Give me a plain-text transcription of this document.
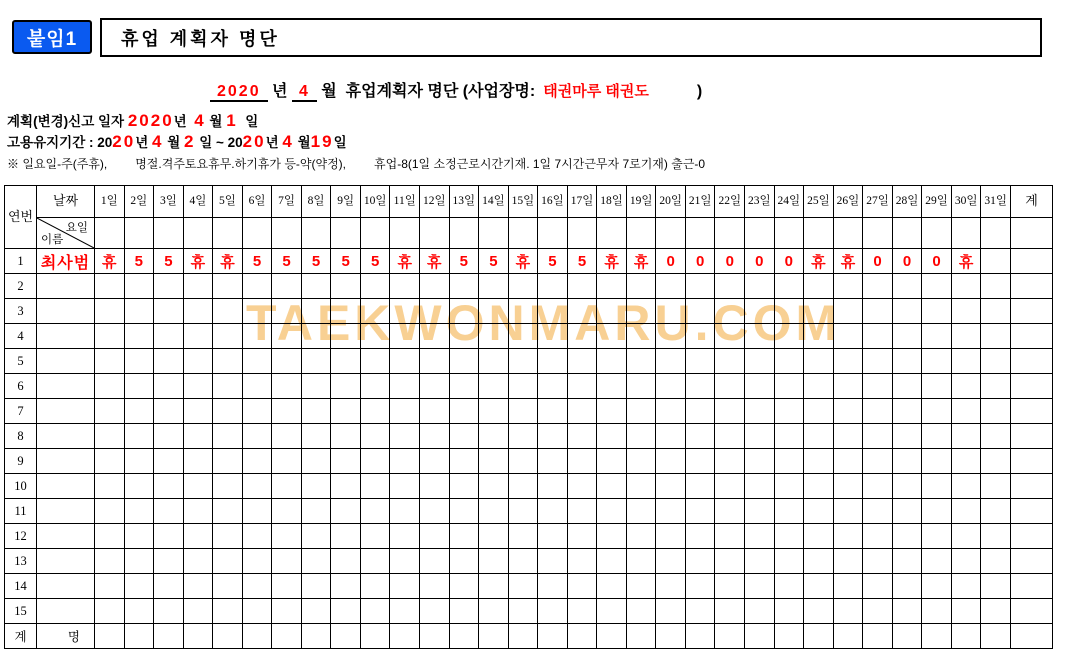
붙임1	휴업 계획자 명단
2020 년 4 월  휴업계획자 명단 (사업장명: 태권마루 태권도	)
계획(변경)신고 일자 2020년  4 월 1  일
고용유지기간 : 2020년 4 월 2 일 ~ 2020년 4 월19일
※ 일요일-주(주휴), 명절.격주토요휴무.하기휴가 등-약(약정), 휴업-8(1일 소정근로시간기재. 1일 7시간근무자 7로기재) 출근-0
TAEKWONMARU.COM
연번	날짜	1일	2일	3일	4일	5일	6일	7일	8일	9일	10일	11일	12일	13일	14일	15일	16일	17일	18일	19일	20일	21일	22일	23일	24일	25일	26일	27일	28일	29일	30일	31일	계

	요일
이름																																

1	최사범	휴	5	5	휴	휴	5	5	5	5	5	휴	휴	5	5	휴	5	5	휴	휴	0	0	0	0	0	휴	휴	0	0	0	휴		
2																																	
3																																	
4																																	
5																																	
6																																	
7																																	
8																																	
9																																	
10																																	
11																																	
12																																	
13																																	
14																																	
15																																	
계	명																																
